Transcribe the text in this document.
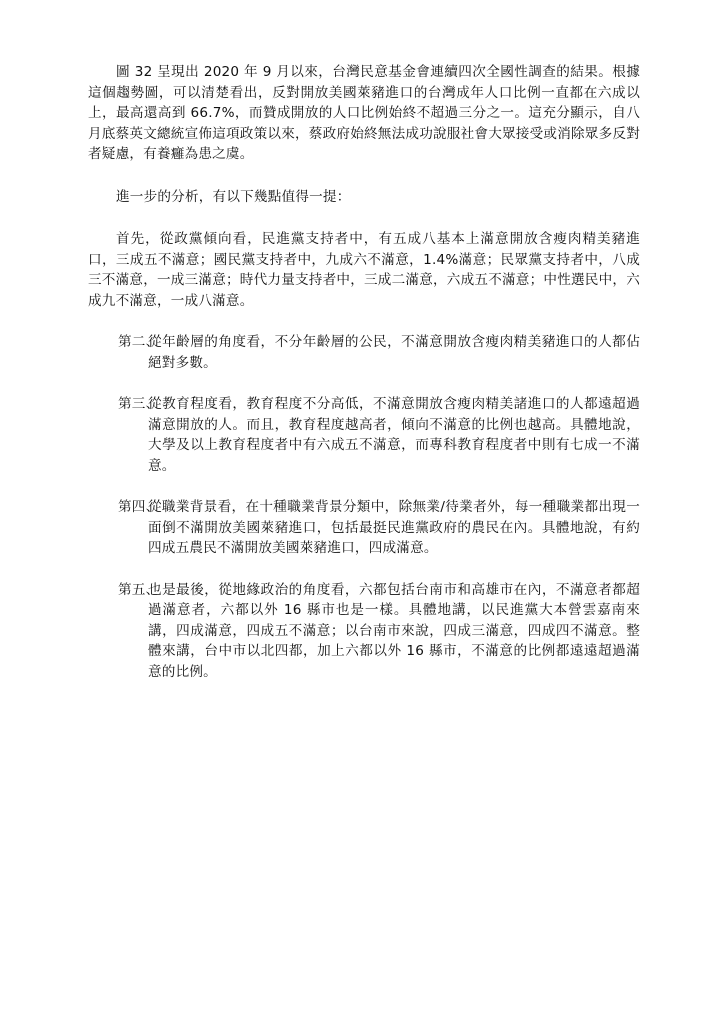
圖 32 呈現出 2020 年 9 月以來，台灣民意基金會連續四次全國性調查的結果。根據這個趨勢圖，可以清楚看出，反對開放美國萊豬進口的台灣成年人口比例一直都在六成以上，最高還高到 66.7%，而贊成開放的人口比例始終不超過三分之一。這充分顯示，自八月底蔡英文總統宣佈這項政策以來，蔡政府始終無法成功說服社會大眾接受或消除眾多反對者疑慮，有養癰為患之虞。

進一步的分析，有以下幾點值得一提：

首先，從政黨傾向看，民進黨支持者中，有五成八基本上滿意開放含瘦肉精美豬進口，三成五不滿意；國民黨支持者中，九成六不滿意，1.4%滿意；民眾黨支持者中，八成三不滿意，一成三滿意；時代力量支持者中，三成二滿意，六成五不滿意；中性選民中，六成九不滿意，一成八滿意。

第二、

從年齡層的角度看，不分年齡層的公民，不滿意開放含瘦肉精美豬進口的人都佔絕對多數。

第三、

從教育程度看，教育程度不分高低，不滿意開放含瘦肉精美諸進口的人都遠超過滿意開放的人。而且，教育程度越高者，傾向不滿意的比例也越高。具體地說，大學及以上教育程度者中有六成五不滿意，而專科教育程度者中則有七成一不滿意。

第四、

從職業背景看，在十種職業背景分類中，除無業/待業者外，每一種職業都出現一面倒不滿開放美國萊豬進口，包括最挺民進黨政府的農民在內。具體地說，有約四成五農民不滿開放美國萊豬進口，四成滿意。

第五、

也是最後，從地緣政治的角度看，六都包括台南市和高雄市在內，不滿意者都超過滿意者，六都以外 16 縣市也是一樣。具體地講，以民進黨大本營雲嘉南來講，四成滿意，四成五不滿意；以台南市來說，四成三滿意，四成四不滿意。整體來講，台中市以北四都，加上六都以外 16 縣市，不滿意的比例都遠遠超過滿意的比例。
